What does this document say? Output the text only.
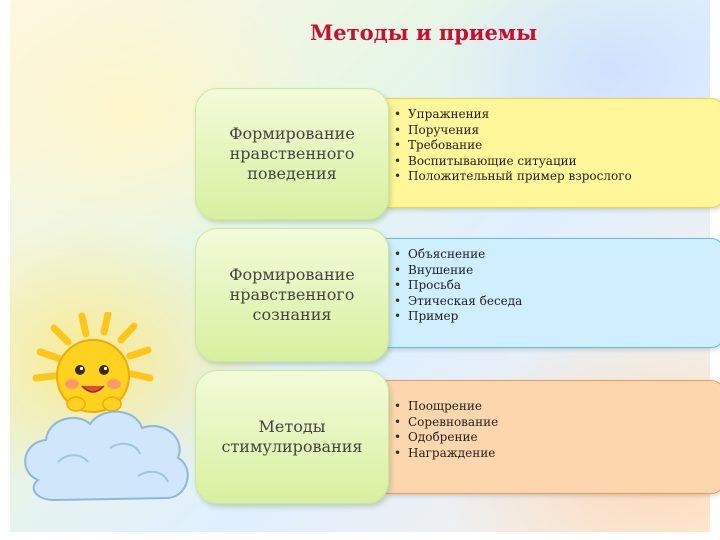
Методы и приемы
• Упражнения
• Поручения
• Требование
• Воспитывающие ситуации
• Положительный пример взрослого
Формирование
нравственного
поведения
• Объяснение
• Внушение
• Просьба
• Этическая беседа
• Пример
Формирование
нравственного
сознания
• Поощрение
• Соревнование
• Одобрение
• Награждение
Методы
стимулирования
